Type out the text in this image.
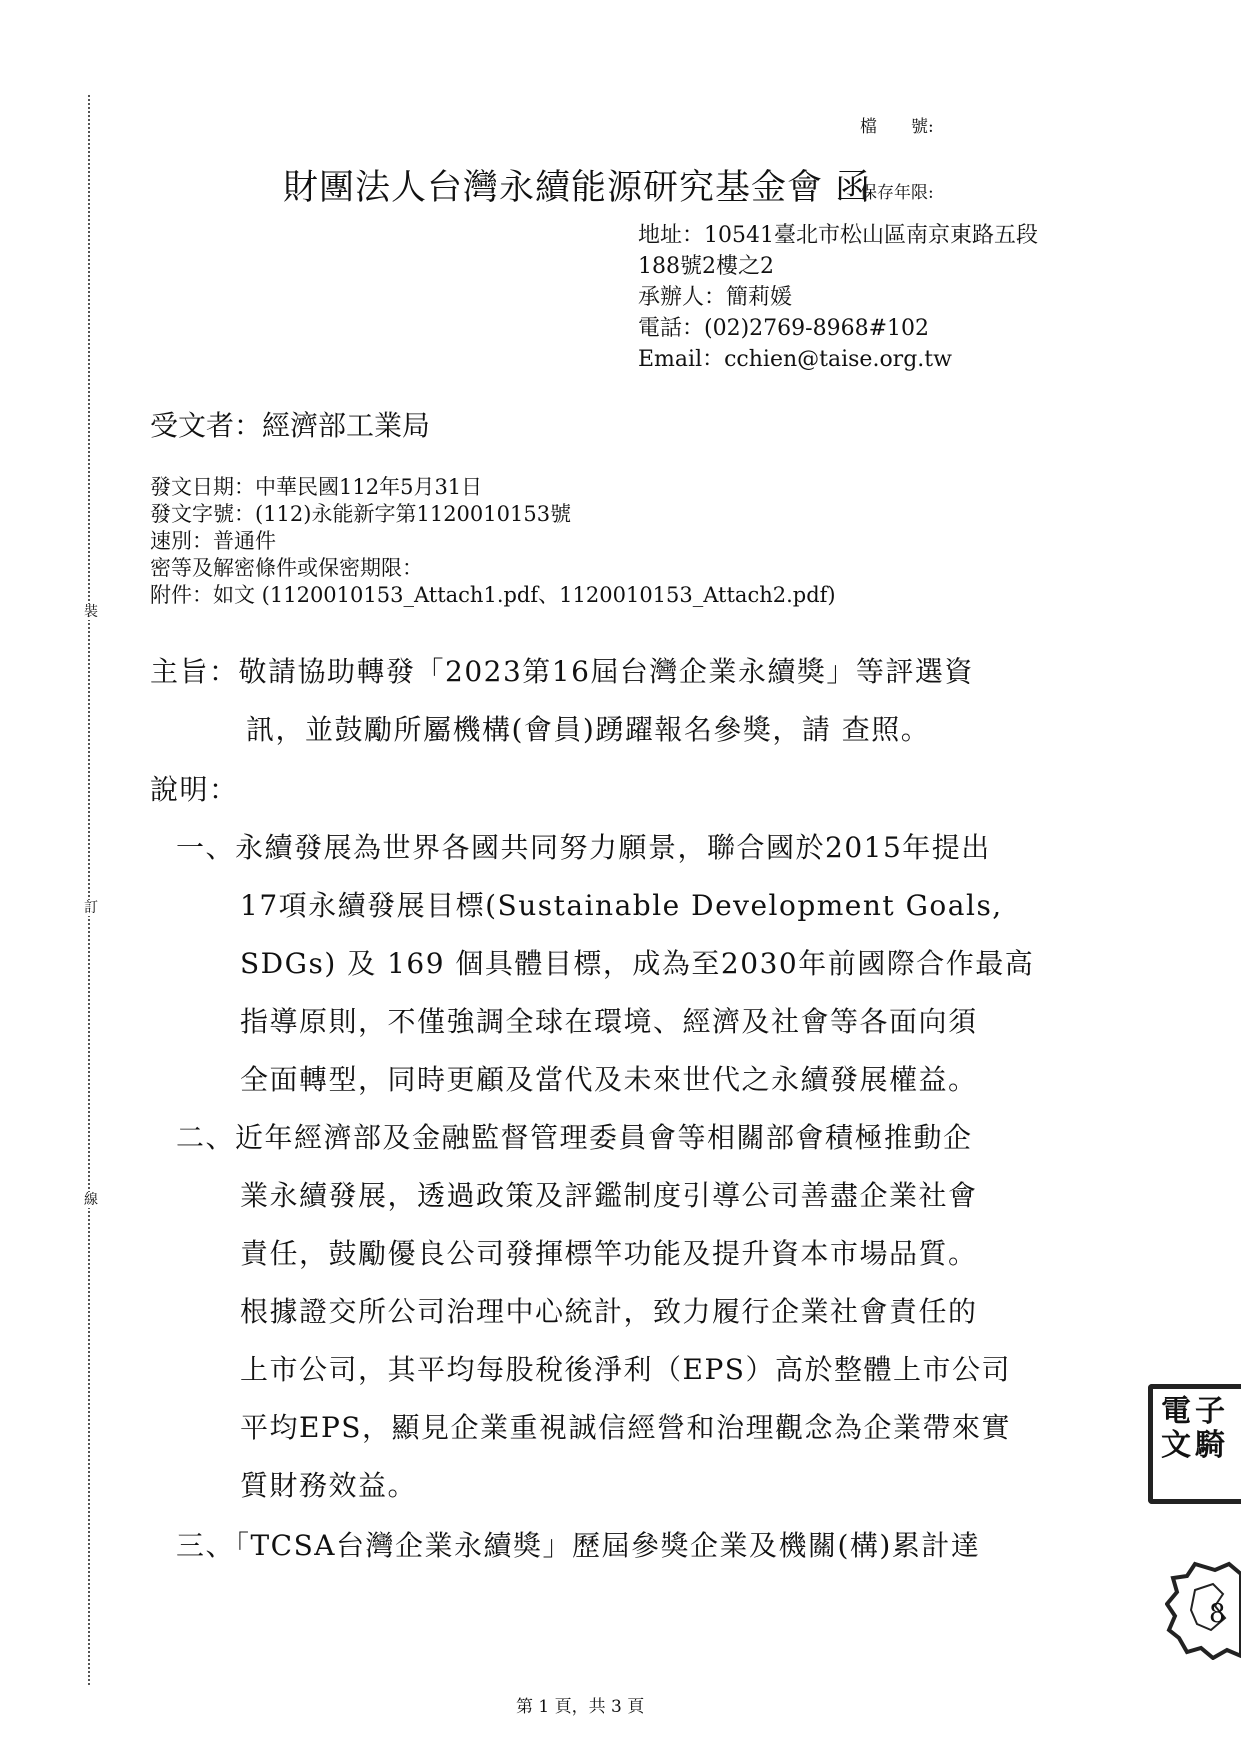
裝
訂
線

檔　　號:

保存年限:

財團法人台灣永續能源研究基金會 函
地址：10541臺北市松山區南京東路五段
188號2樓之2
承辦人：簡莉媛
電話：(02)2769-8968#102
Email：cchien@taise.org.tw
受文者：經濟部工業局
發文日期：中華民國112年5月31日
發文字號：(112)永能新字第1120010153號
速別：普通件
密等及解密條件或保密期限：
附件：如文 (1120010153_Attach1.pdf、1120010153_Attach2.pdf)
主旨：敬請協助轉發「2023第16屆台灣企業永續獎」等評選資
訊，並鼓勵所屬機構(會員)踴躍報名參獎，請 查照。
說明：
一、永續發展為世界各國共同努力願景，聯合國於2015年提出
17項永續發展目標(Sustainable Development Goals,
SDGs) 及 169 個具體目標，成為至2030年前國際合作最高
指導原則，不僅強調全球在環境、經濟及社會等各面向須
全面轉型，同時更顧及當代及未來世代之永續發展權益。
二、近年經濟部及金融監督管理委員會等相關部會積極推動企
業永續發展，透過政策及評鑑制度引導公司善盡企業社會
責任，鼓勵優良公司發揮標竿功能及提升資本市場品質。
根據證交所公司治理中心統計，致力履行企業社會責任的
上市公司，其平均每股稅後淨利（EPS）高於整體上市公司
平均EPS，顯見企業重視誠信經營和治理觀念為企業帶來實
質財務效益。
三、「TCSA台灣企業永續獎」歷屆參獎企業及機關(構)累計達
電子文騎
8
第 1 頁，共 3 頁
